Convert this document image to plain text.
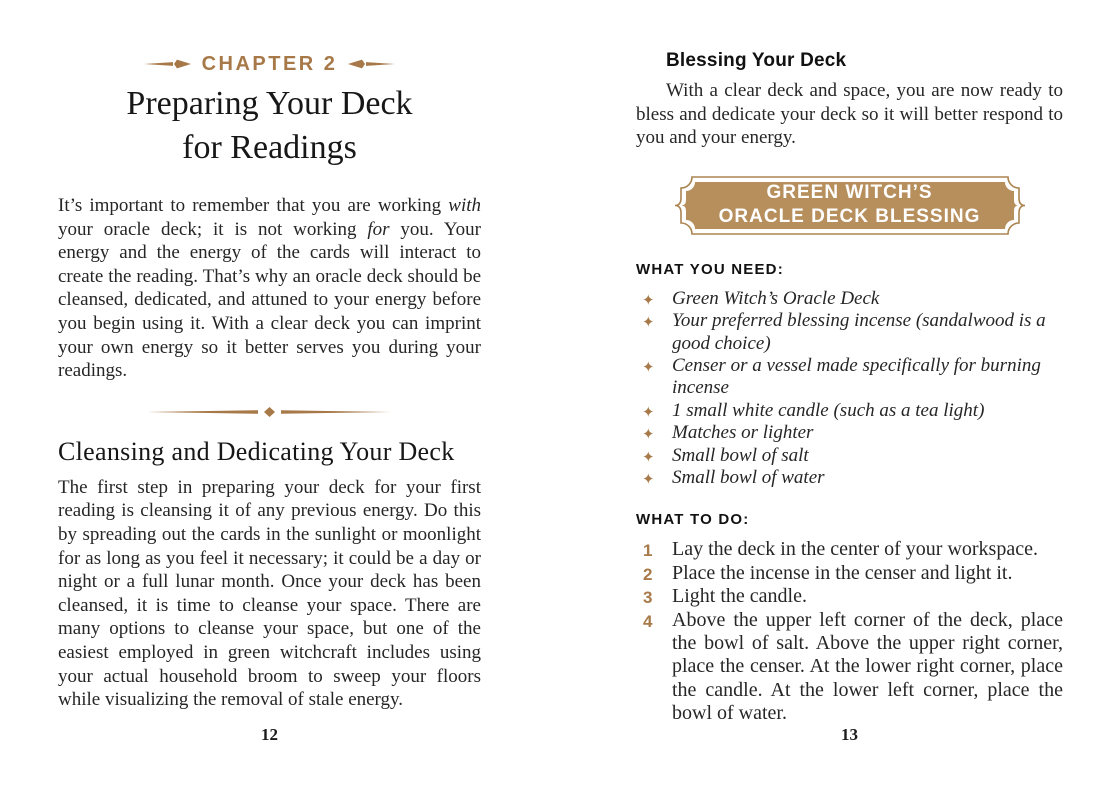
CHAPTER 2
Preparing Your Deck
for Readings

It’s important to remember that you are working with your oracle deck; it is not working for you. Your energy and the energy of the cards will interact to create the reading. That’s why an oracle deck should be cleansed, dedicated, and attuned to your energy before you begin using it. With a clear deck you can imprint your own energy so it better serves you during your readings.

Cleansing and Dedicating Your Deck

The first step in preparing your deck for your first reading is cleansing it of any previous energy. Do this by spreading out the cards in the sunlight or moonlight for as long as you feel it necessary; it could be a day or night or a full lunar month. Once your deck has been cleansed, it is time to cleanse your space. There are many options to cleanse your space, but one of the easiest employed in green witchcraft includes using your actual household broom to sweep your floors while visualizing the removal of stale energy.

12
Blessing Your Deck

With a clear deck and space, you are now ready to bless and dedicate your deck so it will better respond to you and your energy.

GREEN WITCH’S
ORACLE DECK BLESSING
WHAT YOU NEED:
✦ Green Witch’s Oracle Deck
✦ Your preferred blessing incense (sandalwood is a good choice)
✦ Censer or a vessel made specifically for burning incense
✦ 1 small white candle (such as a tea light)
✦ Matches or lighter
✦ Small bowl of salt
✦ Small bowl of water
WHAT TO DO:
1 Lay the deck in the center of your workspace.
2 Place the incense in the censer and light it.
3 Light the candle.
4 Above the upper left corner of the deck, place the bowl of salt. Above the upper right corner, place the censer. At the lower right corner, place the candle. At the lower left corner, place the bowl of water.
13
